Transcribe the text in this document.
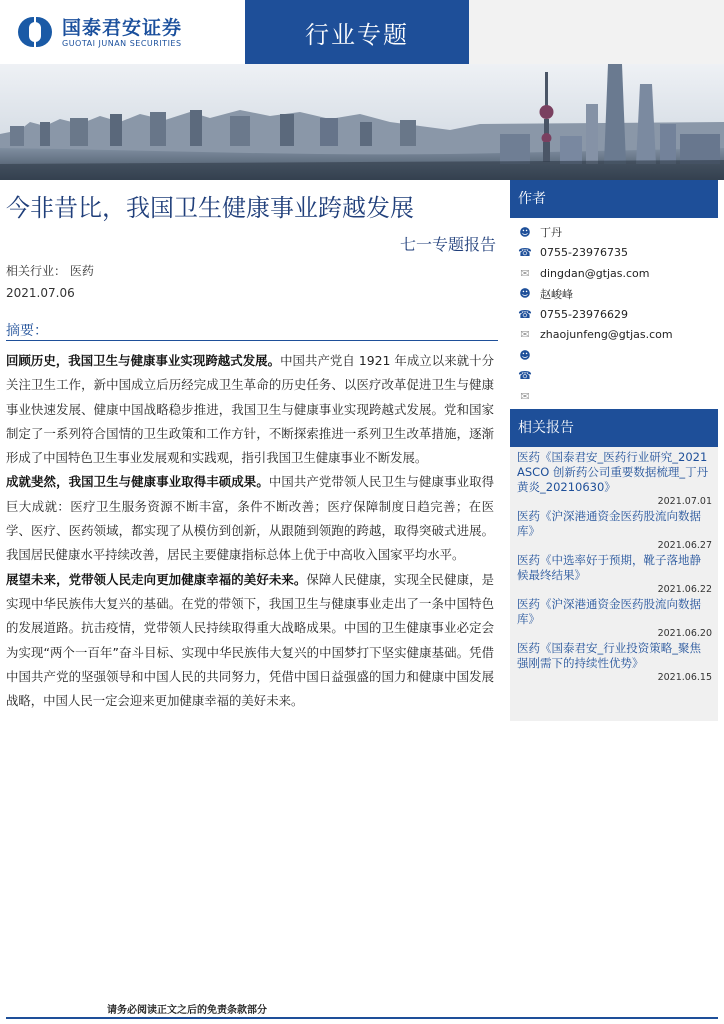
国泰君安证券
GUOTAI JUNAN SECURITIES	行业专题
今非昔比，我国卫生健康事业跨越发展
七一专题报告
相关行业： 医药
2021.07.06
摘要：

回顾历史，我国卫生与健康事业实现跨越式发展。中国共产党自 1921 年成立以来就十分关注卫生工作，新中国成立后历经完成卫生革命的历史任务、以医疗改革促进卫生与健康事业快速发展、健康中国战略稳步推进，我国卫生与健康事业实现跨越式发展。党和国家制定了一系列符合国情的卫生政策和工作方针，不断探索推进一系列卫生改革措施，逐渐形成了中国特色卫生事业发展观和实践观，指引我国卫生健康事业不断发展。

成就斐然，我国卫生与健康事业取得丰硕成果。中国共产党带领人民卫生与健康事业取得巨大成就：医疗卫生服务资源不断丰富，条件不断改善；医疗保障制度日趋完善；在医学、医疗、医药领域，都实现了从模仿到创新，从跟随到领跑的跨越，取得突破式进展。我国居民健康水平持续改善，居民主要健康指标总体上优于中高收入国家平均水平。

展望未来，党带领人民走向更加健康幸福的美好未来。保障人民健康，实现全民健康，是实现中华民族伟大复兴的基础。在党的带领下，我国卫生与健康事业走出了一条中国特色的发展道路。抗击疫情，党带领人民持续取得重大战略成果。中国的卫生健康事业必定会为实现“两个一百年”奋斗目标、实现中华民族伟大复兴的中国梦打下坚实健康基础。凭借中国共产党的坚强领导和中国人民的共同努力，凭借中国日益强盛的国力和健康中国发展战略，中国人民一定会迎来更加健康幸福的美好未来。

作者
☻ 丁丹
☎ 0755-23976735
✉ dingdan@gtjas.com
☻ 赵峻峰
☎ 0755-23976629
✉ zhaojunfeng@gtjas.com
☻
☎
✉
相关报告
医药《国泰君安_医药行业研究_2021 ASCO 创新药公司重要数据梳理_丁丹 黄炎_20210630》
2021.07.01
医药《沪深港通资金医药股流向数据库》
2021.06.27
医药《中选率好于预期，靴子落地静候最终结果》
2021.06.22
医药《沪深港通资金医药股流向数据库》
2021.06.20
医药《国泰君安_行业投资策略_聚焦强刚需下的持续性优势》
2021.06.15
请务必阅读正文之后的免责条款部分
